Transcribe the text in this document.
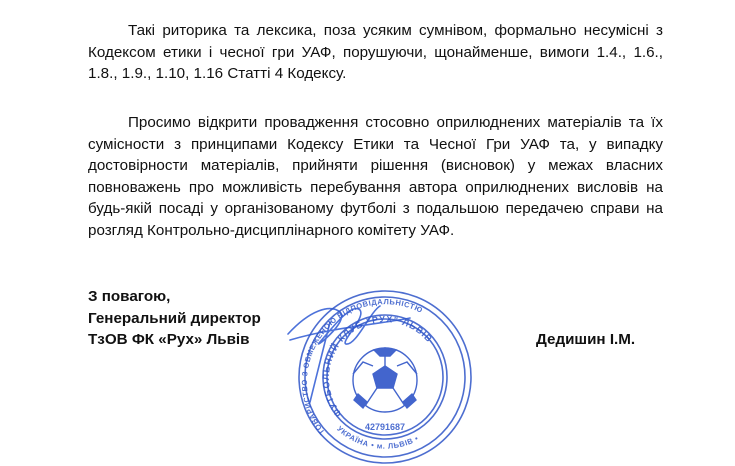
Такі риторика та лексика, поза усяким сумнівом, формально несумісні з Кодексом етики і чесної гри УАФ, порушуючи, щонайменше, вимоги 1.4., 1.6., 1.8., 1.9., 1.10, 1.16 Статті 4 Кодексу.

Просимо відкрити провадження стосовно оприлюднених матеріалів та їх сумісности з принципами Кодексу Етики та Чесної Гри УАФ та, у випадку достовірности матеріалів, прийняти рішення (висновок) у межах власних повноважень про можливість перебування автора оприлюднених висловів на будь-якій посаді у організованому футболі з подальшою передачею справи на розгляд Контрольно-дисциплінарного комітету УАФ.

З повагою,
Генеральний директор
ТзОВ ФК «Рух» Львів	Дедишин І.М.
ТОВАРИСТВО З ОБМЕЖЕНОЮ ВІДПОВІДАЛЬНІСТЮ
ФУТБОЛЬНИЙ КЛУБ "РУХ" ЛЬВІВ
УКРАЇНА • м. ЛЬВІВ •
42791687
